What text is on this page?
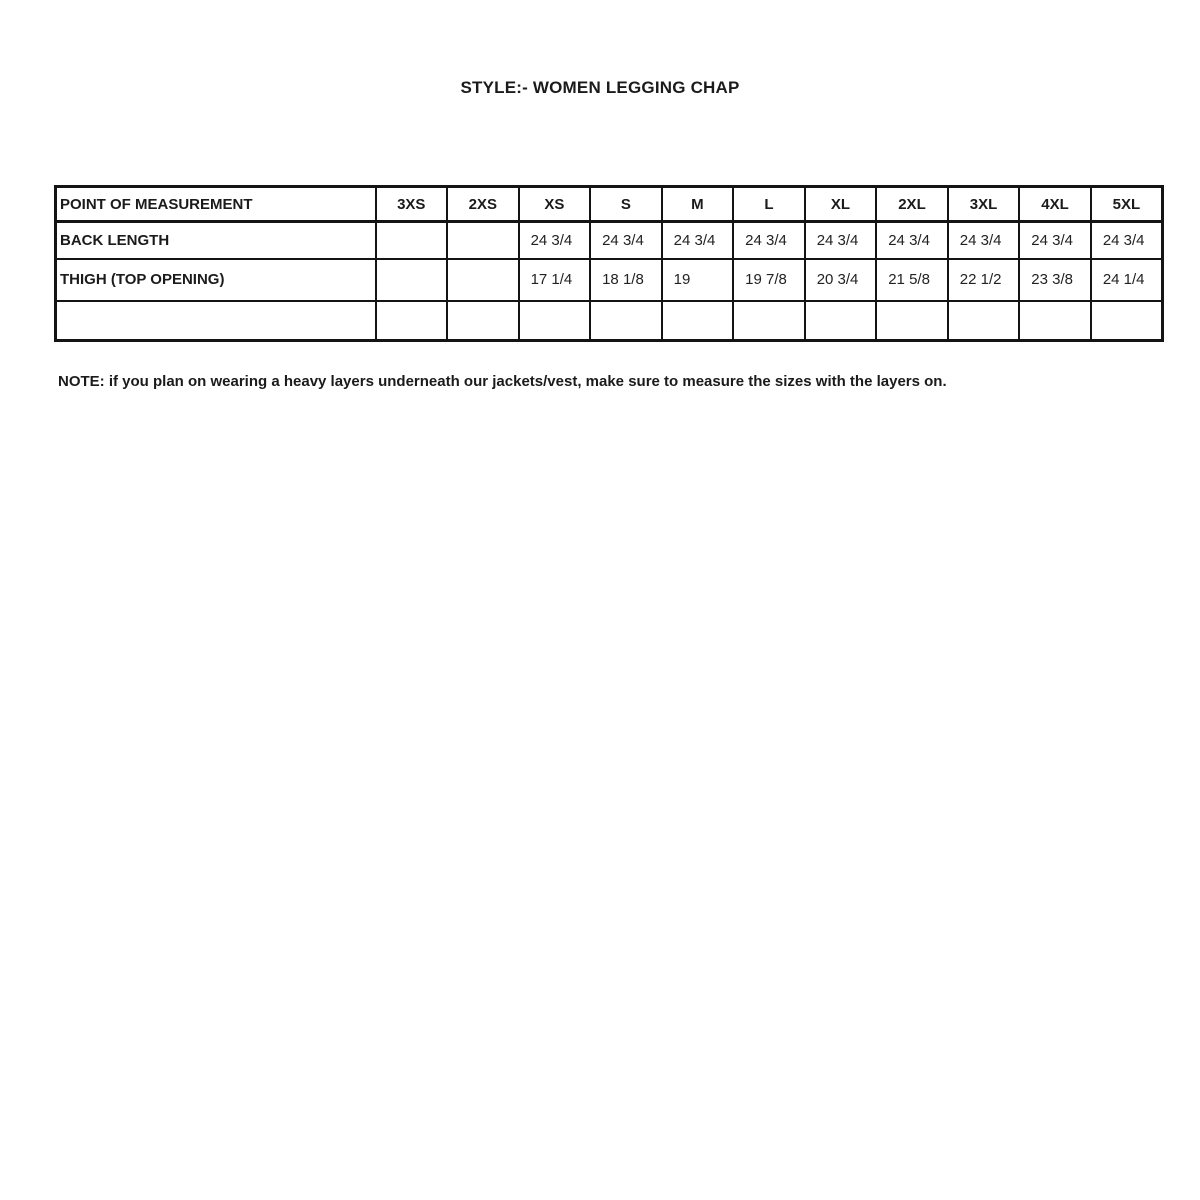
STYLE:- WOMEN LEGGING CHAP
POINT OF MEASUREMENT	3XS	2XS	XS	S	M	L	XL	2XL	3XL	4XL	5XL
BACK LENGTH			24 3/4	24 3/4	24 3/4	24 3/4	24 3/4	24 3/4	24 3/4	24 3/4	24 3/4
THIGH (TOP OPENING)			17 1/4	18 1/8	19	19 7/8	20 3/4	21 5/8	22 1/2	23 3/8	24 1/4

NOTE: if you plan on wearing a heavy layers underneath our jackets/vest, make sure to measure the sizes with the layers on.
